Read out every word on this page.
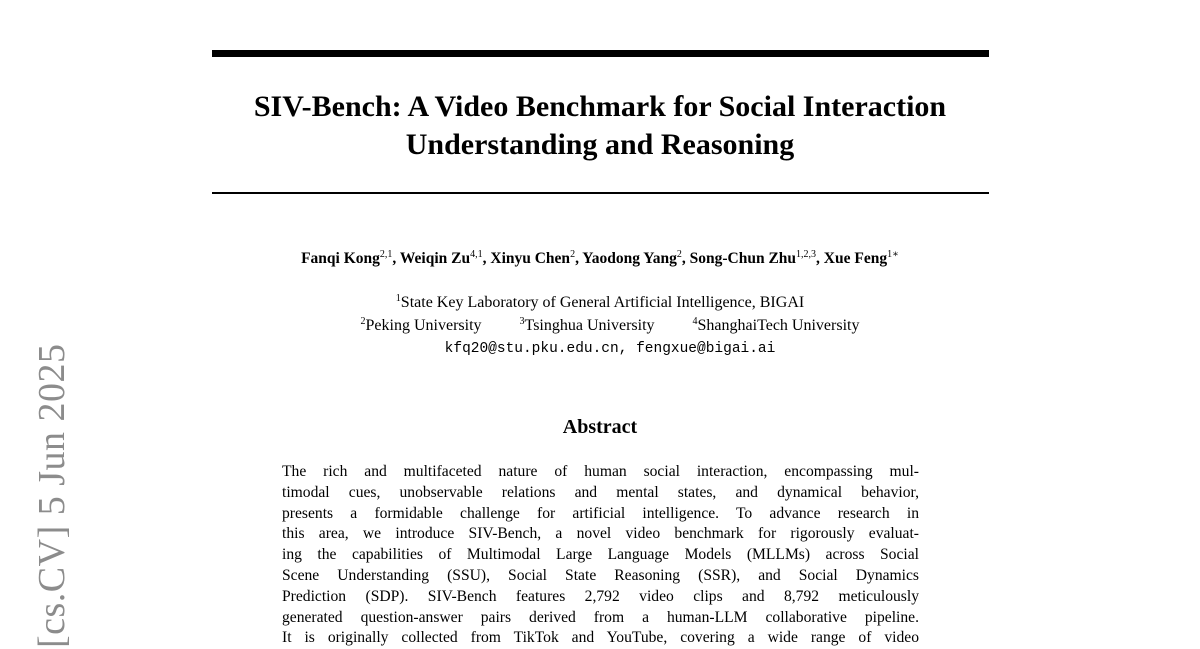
SIV-Bench: A Video Benchmark for Social Interaction
Understanding and Reasoning
Fanqi Kong$^{2,1}$, Weiqin Zu$^{4,1}$, Xinyu Chen$^2$, Yaodong Yang$^2$, Song-Chun Zhu$^{1,2,3}$, Xue Feng$^{1∗}$
$^1$State Key Laboratory of General Artificial Intelligence, BIGAI
$^2$Peking University	$^3$Tsinghua University	$^4$ShanghaiTech University
kfq20@stu.pku.edu.cn, fengxue@bigai.ai
Abstract
The rich and multifaceted nature of human social interaction, encompassing mul-
timodal cues, unobservable relations and mental states, and dynamical behavior,
presents a formidable challenge for artificial intelligence. To advance research in
this area, we introduce SIV-Bench, a novel video benchmark for rigorously evaluat-
ing the capabilities of Multimodal Large Language Models (MLLMs) across Social
Scene Understanding (SSU), Social State Reasoning (SSR), and Social Dynamics
Prediction (SDP). SIV-Bench features 2,792 video clips and 8,792 meticulously
generated question-answer pairs derived from a human-LLM collaborative pipeline.
It is originally collected from TikTok and YouTube, covering a wide range of video
[cs.CV] 5 Jun 2025
